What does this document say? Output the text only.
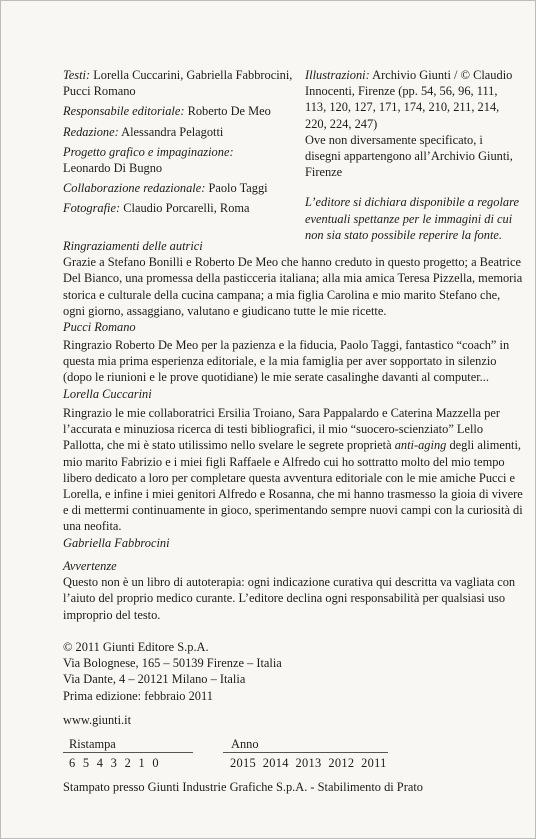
Testi: Lorella Cuccarini, Gabriella Fabbrocini, Pucci Romano

Responsabile editoriale: Roberto De Meo

Redazione: Alessandra Pelagotti

Progetto grafico e impaginazione:
Leonardo Di Bugno

Collaborazione redazionale: Paolo Taggi

Fotografie: Claudio Porcarelli, Roma

Illustrazioni: Archivio Giunti / © Claudio Innocenti, Firenze (pp. 54, 56, 96, 111, 113, 120, 127, 171, 174, 210, 211, 214, 220, 224, 247)

Ove non diversamente specificato, i disegni appartengono all’Archivio Giunti, Firenze

L’editore si dichiara disponibile a regolare eventuali spettanze per le immagini di cui non sia stato possibile reperire la fonte.

Ringraziamenti delle autrici

Grazie a Stefano Bonilli e Roberto De Meo che hanno creduto in questo progetto; a Beatrice Del Bianco, una promessa della pasticceria italiana; alla mia amica Teresa Pizzella, memoria storica e culturale della cucina campana; a mia figlia Carolina e mio marito Stefano che, ogni giorno, assaggiano, valutano e giudicano tutte le mie ricette.

Pucci Romano

Ringrazio Roberto De Meo per la pazienza e la fiducia, Paolo Taggi, fantastico “coach” in questa mia prima esperienza editoriale, e la mia famiglia per aver sopportato in silenzio (dopo le riunioni e le prove quotidiane) le mie serate casalinghe davanti al computer...

Lorella Cuccarini

Ringrazio le mie collaboratrici Ersilia Troiano, Sara Pappalardo e Caterina Mazzella per l’accurata e minuziosa ricerca di testi bibliografici, il mio “suocero-scienziato” Lello Pallotta, che mi è stato utilissimo nello svelare le segrete proprietà anti-aging degli alimenti, mio marito Fabrizio e i miei figli Raffaele e Alfredo cui ho sottratto molto del mio tempo libero dedicato a loro per completare questa avventura editoriale con le mie amiche Pucci e Lorella, e infine i miei genitori Alfredo e Rosanna, che mi hanno trasmesso la gioia di vivere e di mettermi continuamente in gioco, sperimentando sempre nuovi campi con la curiosità di una neofita.

Gabriella Fabbrocini

Avvertenze

Questo non è un libro di autoterapia: ogni indicazione curativa qui descritta va vagliata con l’aiuto del proprio medico curante. L’editore declina ogni responsabilità per qualsiasi uso improprio del testo.

© 2011 Giunti Editore S.p.A.

Via Bolognese, 165 – 50139 Firenze – Italia

Via Dante, 4 – 20121 Milano – Italia

Prima edizione: febbraio 2011

www.giunti.it

Ristampa	Anno
6 5 4 3 2 1 0	2015  2014  2013  2012  2011
Stampato presso Giunti Industrie Grafiche S.p.A. - Stabilimento di Prato
